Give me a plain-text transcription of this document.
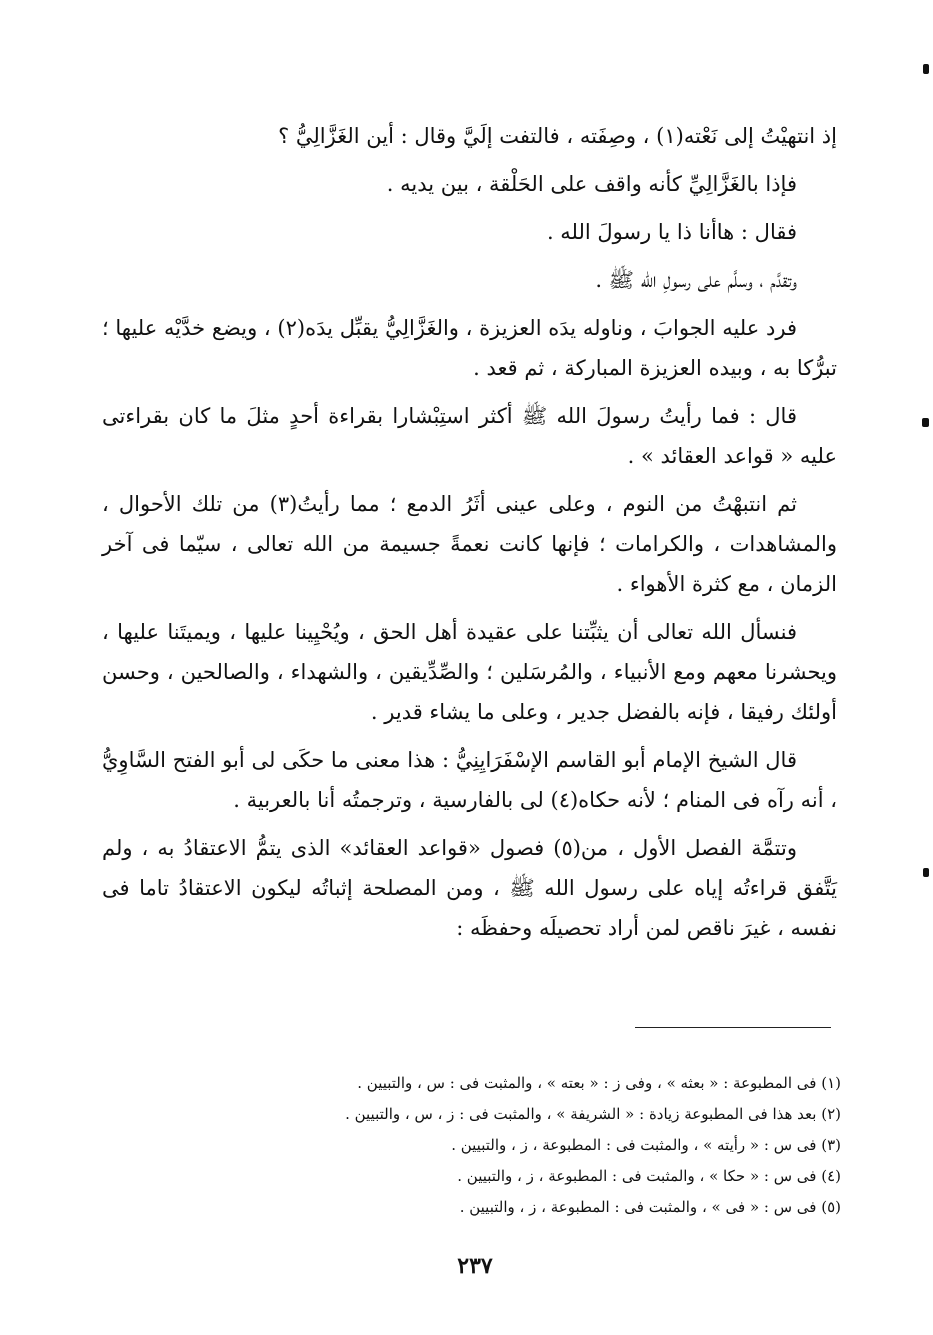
إذ انتهيْتُ إلى نَعْته(١) ، وصِفَته ، فالتفت إلَيَّ وقال : أين الغَزَّالِيُّ ؟

فإذا بالغَزَّالِيِّ كأنه واقف على الحَلْقة ، بين يديه .

فقال : هاأنا ذا يا رسولَ الله .

وتقدَّم ، وسلَّم على رسولِ الله ﷺ .

فرد عليه الجوابَ ، وناوله يدَه العزيزة ، والغَزَّالِيُّ يقبِّل يدَه(٢) ، ويضع خدَّيْه عليها ؛ تبرُّكا به ، وبيده العزيزة المباركة ، ثم قعد .

قال : فما رأيتُ رسولَ الله ﷺ أكثر استِبْشارا بقراءة أحدٍ مثلَ ما كان بقراءتى عليه « قواعد العقائد » .

ثم انتبهْتُ من النوم ، وعلى عينى أثَرُ الدمع ؛ مما رأيتُ(٣) من تلك الأحوال ، والمشاهدات ، والكرامات ؛ فإنها كانت نعمةً جسيمة من الله تعالى ، سيّما فى آخر الزمان ، مع كثرة الأهواء .

فنسأل الله تعالى أن يثبِّتنا على عقيدة أهل الحق ، ويُحْيِينا عليها ، ويميتَنا عليها ، ويحشرنا معهم ومع الأنبياء ، والمُرسَلين ؛ والصِّدِّيقين ، والشهداء ، والصالحين ، وحسن أولئك رفيقا ، فإنه بالفضل جدير ، وعلى ما يشاء قدير .

قال الشيخ الإمام أبو القاسم الإسْفَرَايِنِيُّ : هذا معنى ما حكَى لى أبو الفتح السَّاوِيُّ ، أنه رآه فى المنام ؛ لأنه حكاه(٤) لى بالفارسية ، وترجمتُه أنا بالعربية .

وتتمَّة الفصل الأول ، من(٥) فصول «قواعد العقائد» الذى يتمُّ الاعتقادُ به ، ولم يَتَّفق قراءتُه إياه على رسول الله ﷺ ، ومن المصلحة إثباتُه ليكون الاعتقادُ تاما فى نفسه ، غيرَ ناقص لمن أراد تحصيلَه وحفظَه :

(١) فى المطبوعة : « بعثه » ، وفى ز : « بعته » ، والمثبت فى : س ، والتبيين .
(٢) بعد هذا فى المطبوعة زيادة : « الشريفة » ، والمثبت فى : ز ، س ، والتبيين .
(٣) فى س : « رأيته » ، والمثبت فى : المطبوعة ، ز ، والتبيين .
(٤) فى س : « حكا » ، والمثبت فى : المطبوعة ، ز ، والتبيين .
(٥) فى س : « فى » ، والمثبت فى : المطبوعة ، ز ، والتبيين .
٢٣٧
